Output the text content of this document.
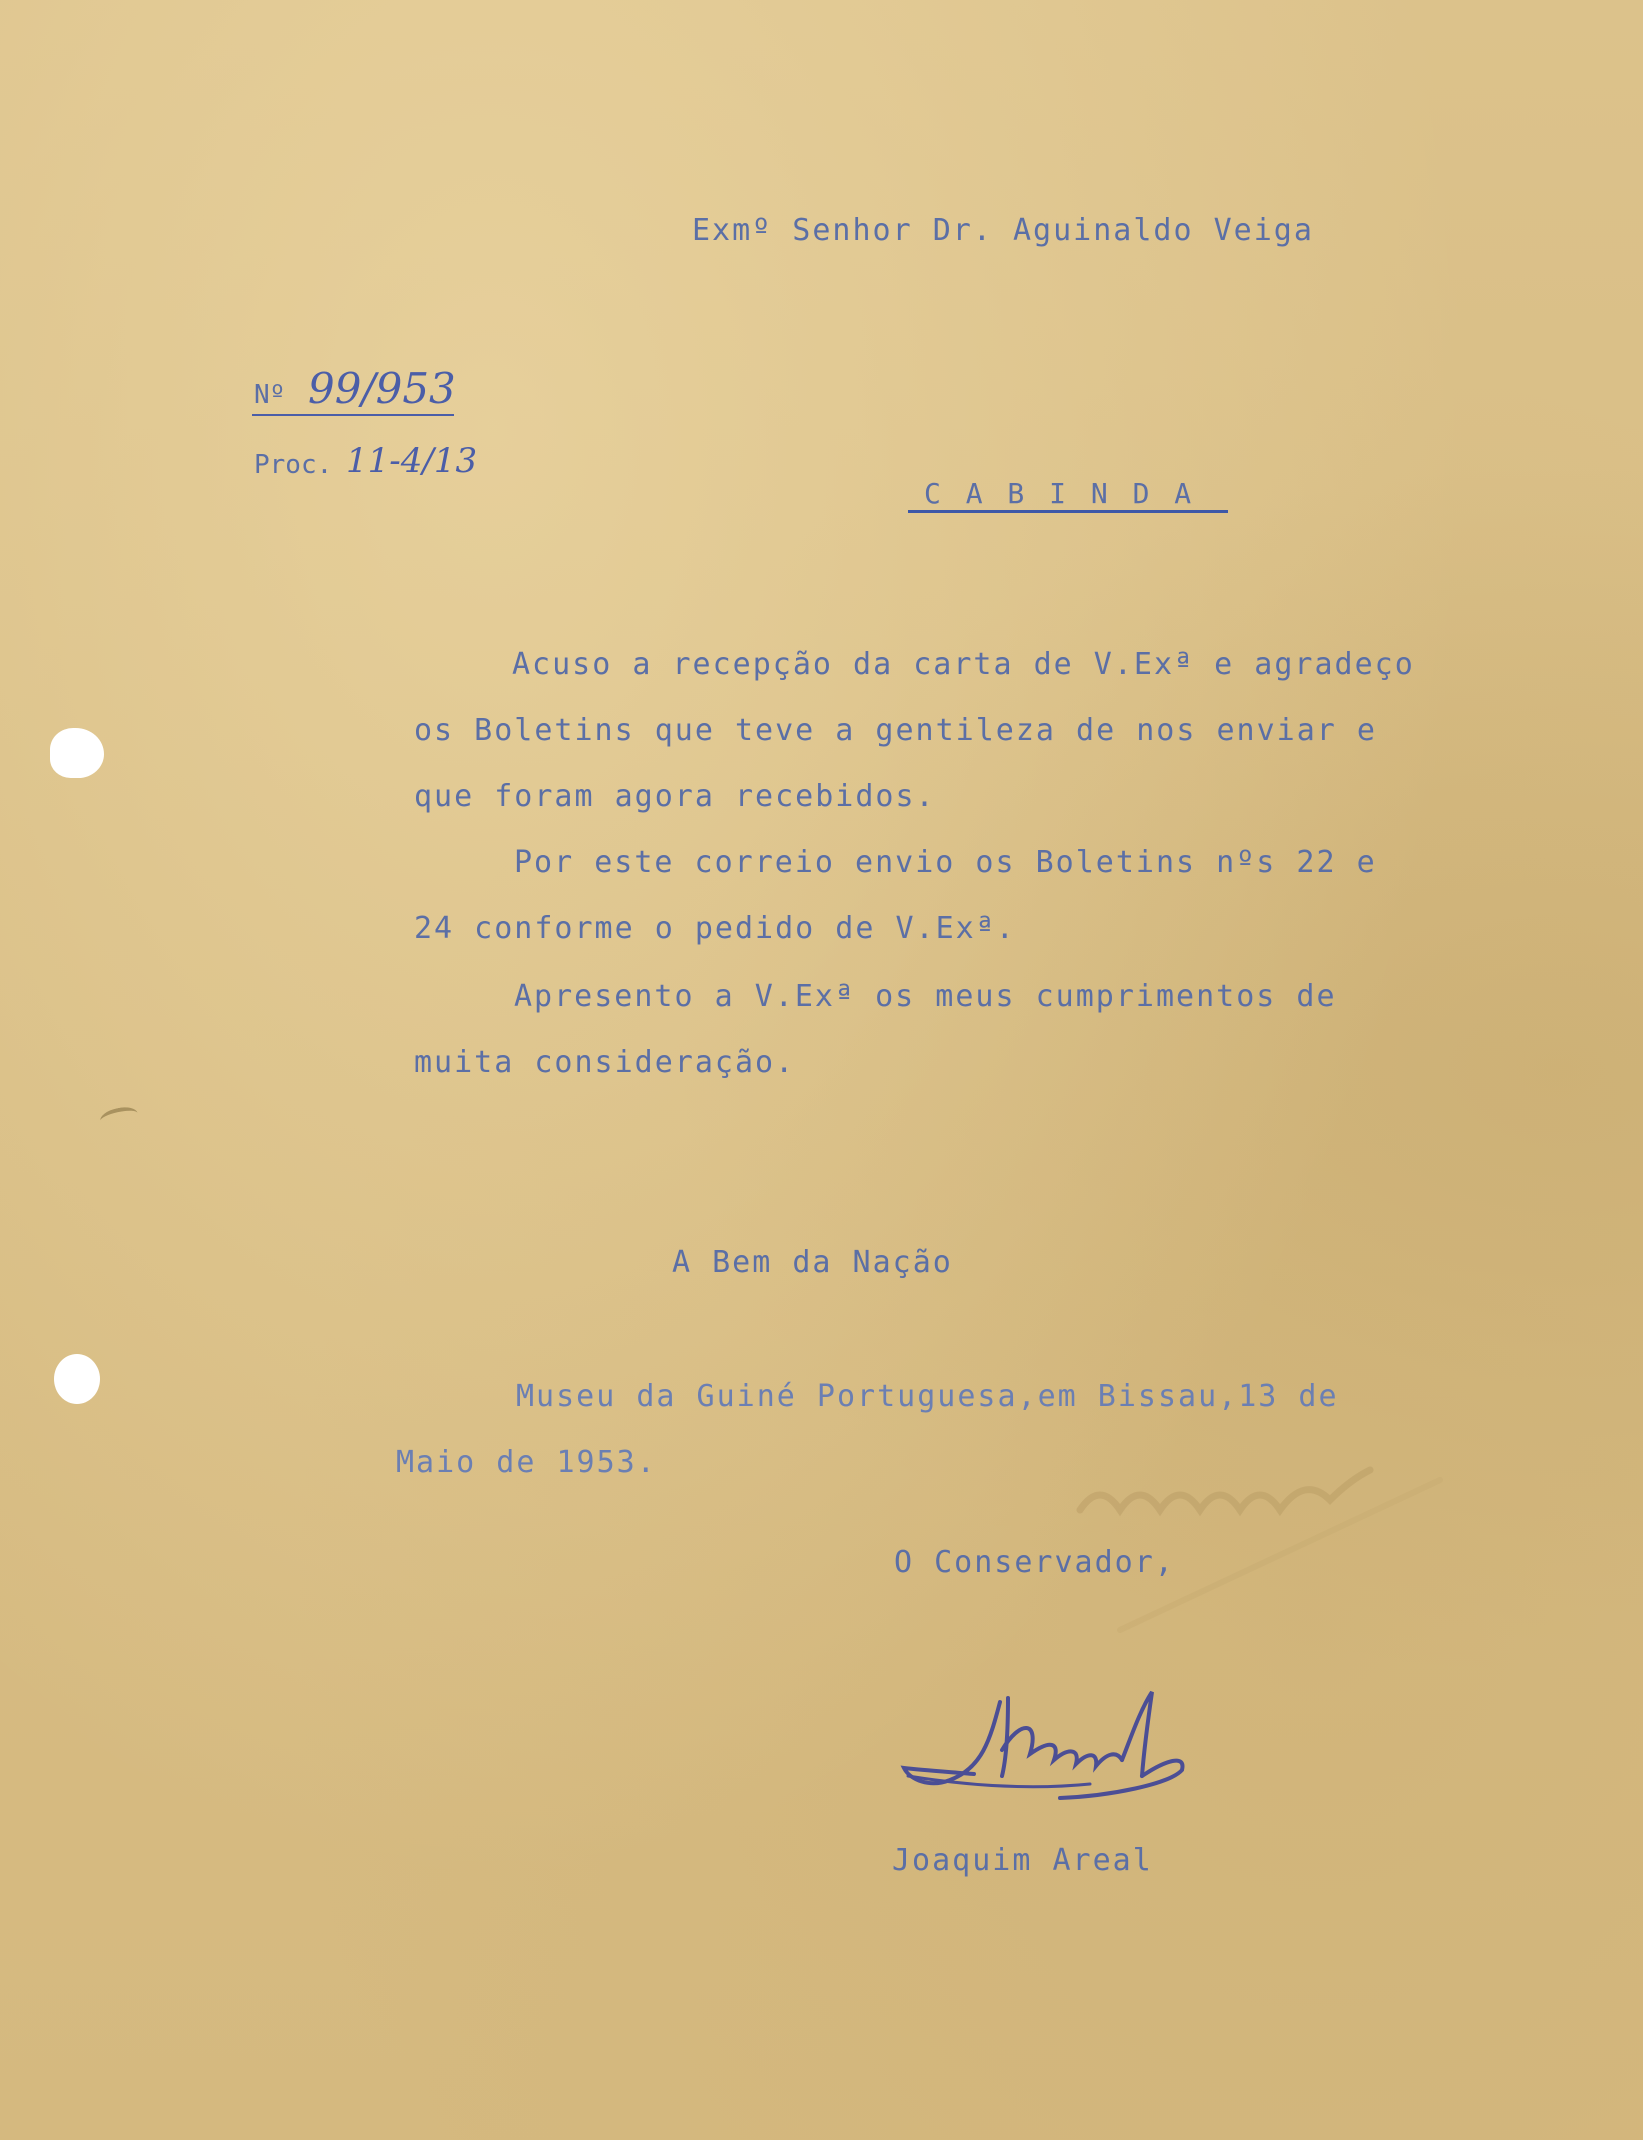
Exmº Senhor Dr. Aguinaldo Veiga
Nº 99/953
Proc. 11-4/13
C A B I N D A
Acuso a recepção da carta de V.Exª e agradeço
os Boletins que teve a gentileza de nos enviar e
que foram agora recebidos.
Por este correio envio os Boletins nºs 22 e
24 conforme o pedido de V.Exª.
Apresento a V.Exª os meus cumprimentos de
muita consideração.
A Bem da Nação
Museu da Guiné Portuguesa,em Bissau,13 de
Maio de 1953.
O Conservador,
Joaquim Areal
